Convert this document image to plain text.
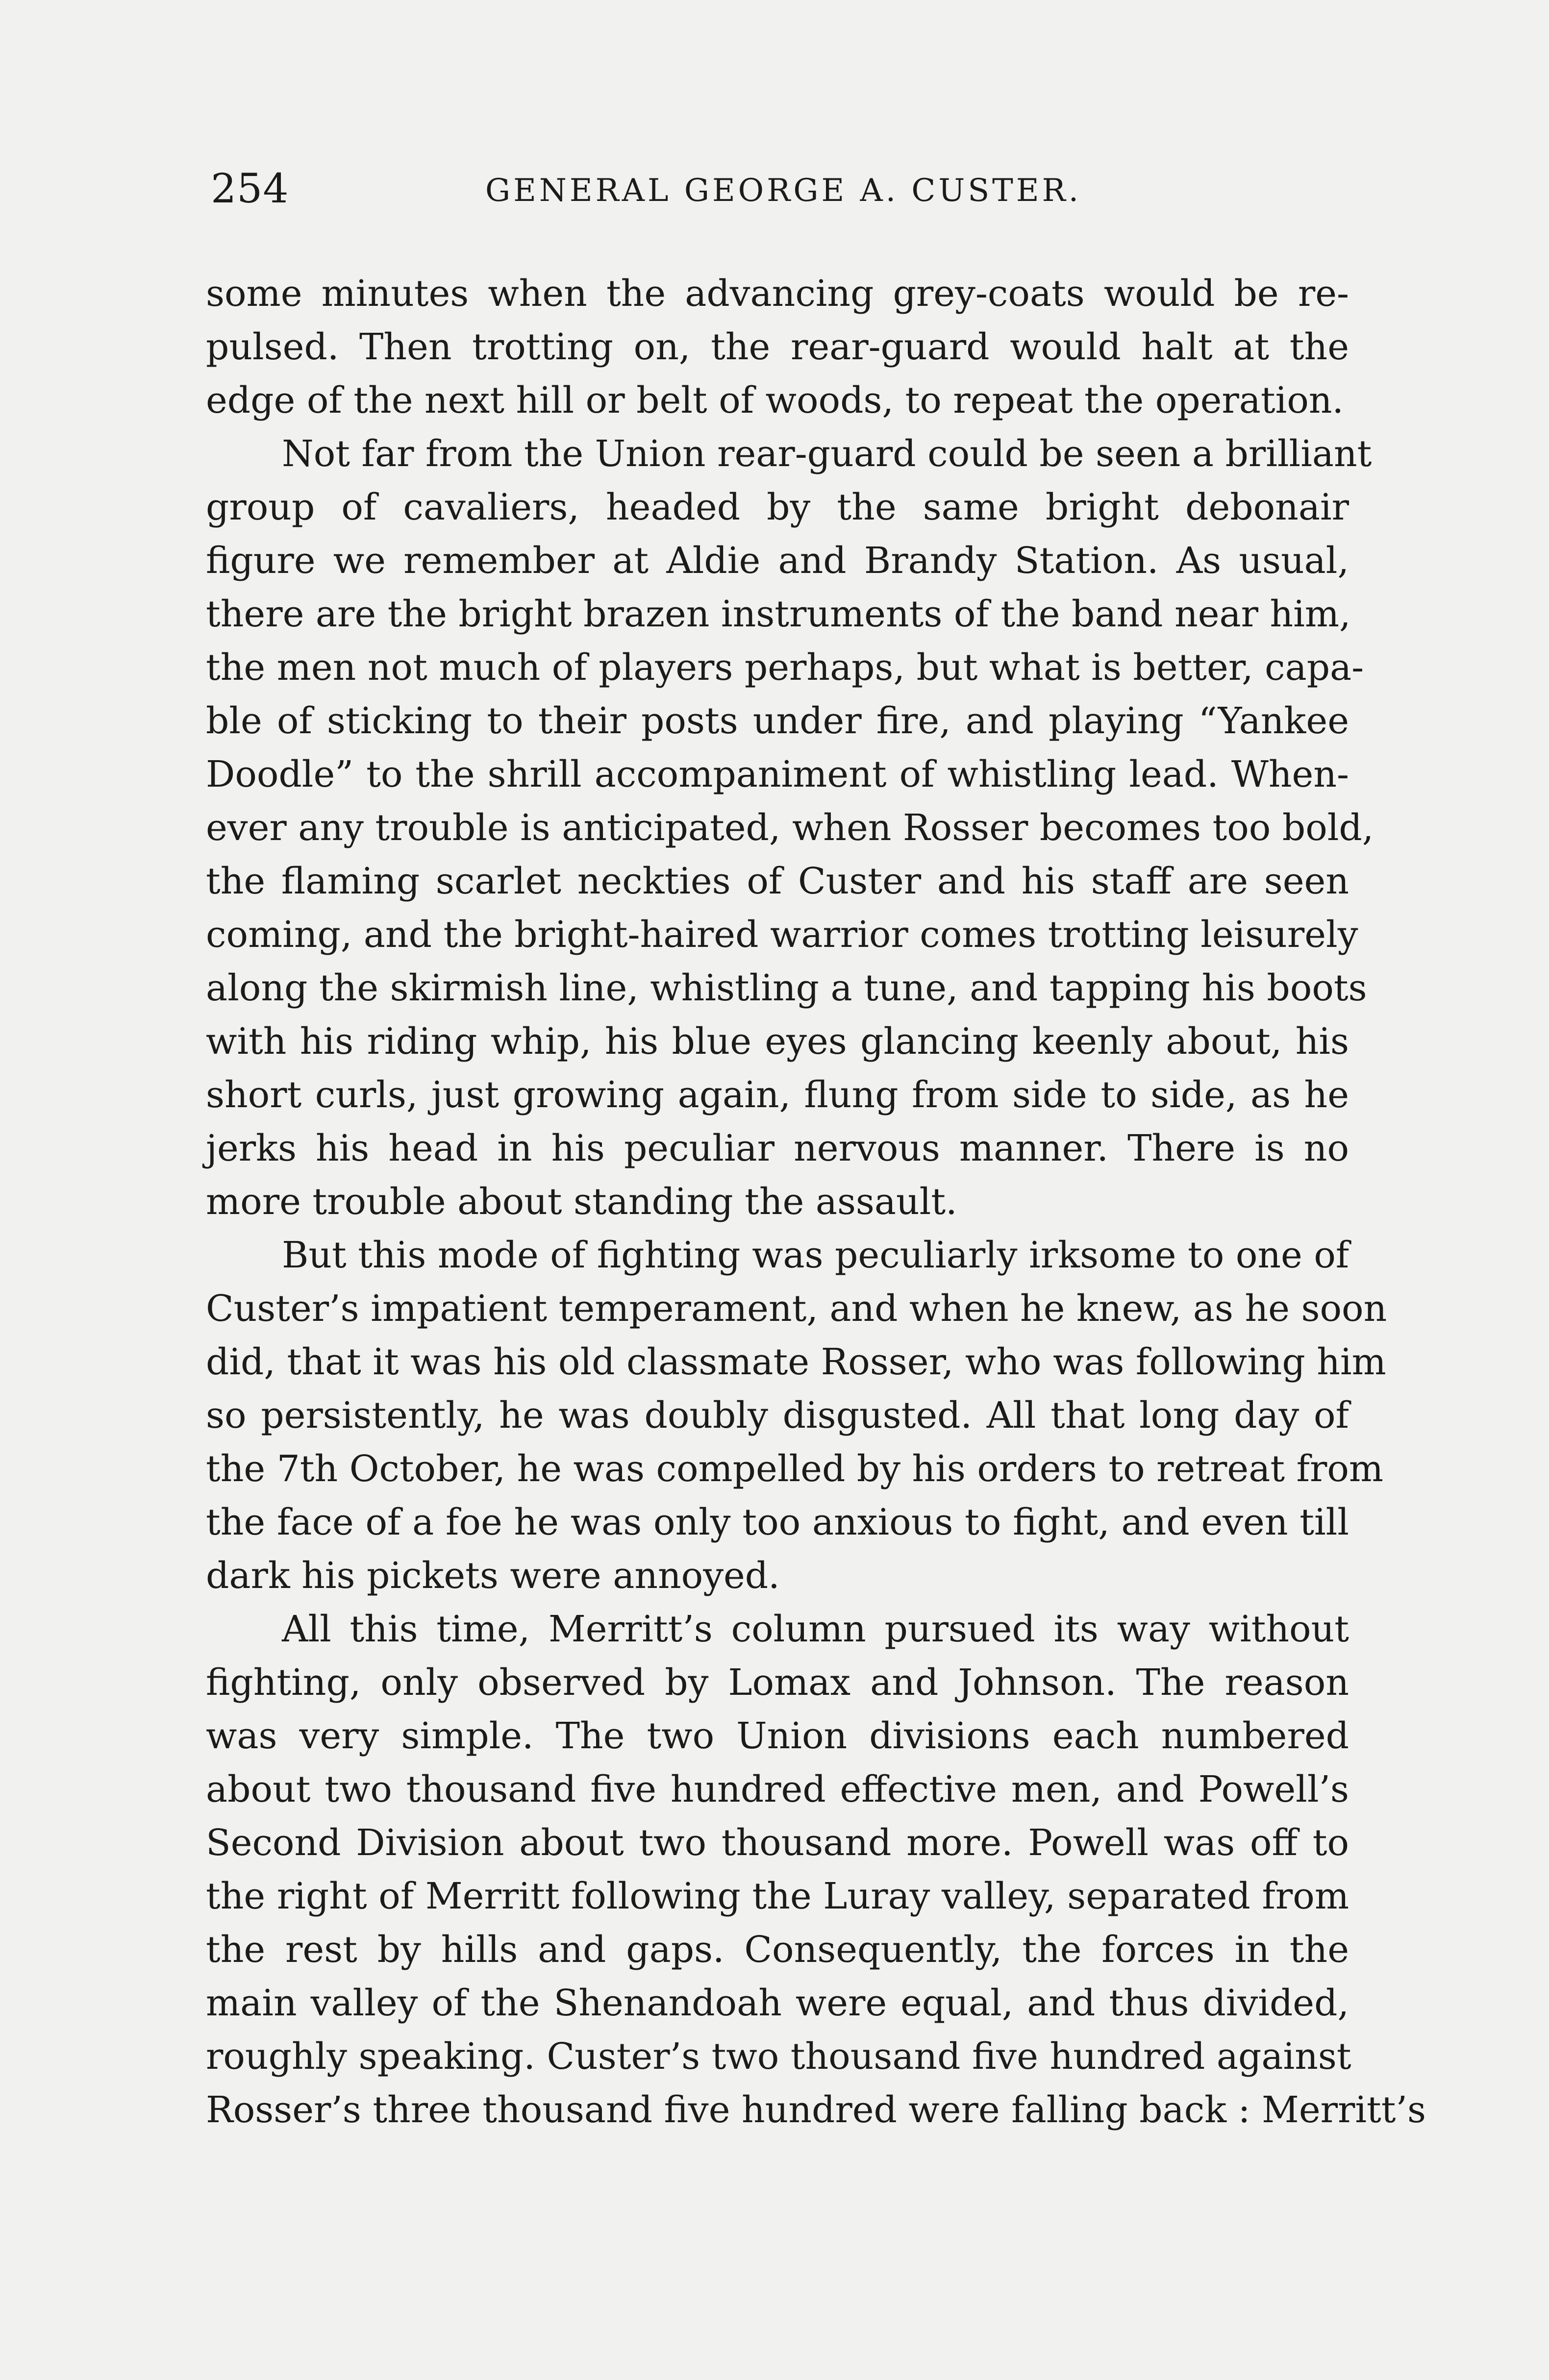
254	GENERAL GEORGE A. CUSTER.
some minutes when the advancing grey-coats would be re-
pulsed. Then trotting on, the rear-guard would halt at the
edge of the next hill or belt of woods, to repeat the operation.
Not far from the Union rear-guard could be seen a brilliant
group of cavaliers, headed by the same bright debonair
figure we remember at Aldie and Brandy Station. As usual,
there are the bright brazen instruments of the band near him,
the men not much of players perhaps, but what is better, capa-
ble of sticking to their posts under fire, and playing “Yankee
Doodle” to the shrill accompaniment of whistling lead. When-
ever any trouble is anticipated, when Rosser becomes too bold,
the flaming scarlet neckties of Custer and his staff are seen
coming, and the bright-haired warrior comes trotting leisurely
along the skirmish line, whistling a tune, and tapping his boots
with his riding whip, his blue eyes glancing keenly about, his
short curls, just growing again, flung from side to side, as he
jerks his head in his peculiar nervous manner. There is no
more trouble about standing the assault.
But this mode of fighting was peculiarly irksome to one of
Custer’s impatient temperament, and when he knew, as he soon
did, that it was his old classmate Rosser, who was following him
so persistently, he was doubly disgusted. All that long day of
the 7th October, he was compelled by his orders to retreat from
the face of a foe he was only too anxious to fight, and even till
dark his pickets were annoyed.
All this time, Merritt’s column pursued its way without
fighting, only observed by Lomax and Johnson. The reason
was very simple. The two Union divisions each numbered
about two thousand five hundred effective men, and Powell’s
Second Division about two thousand more. Powell was off to
the right of Merritt following the Luray valley, separated from
the rest by hills and gaps. Consequently, the forces in the
main valley of the Shenandoah were equal, and thus divided,
roughly speaking. Custer’s two thousand five hundred against
Rosser’s three thousand five hundred were falling back : Merritt’s
